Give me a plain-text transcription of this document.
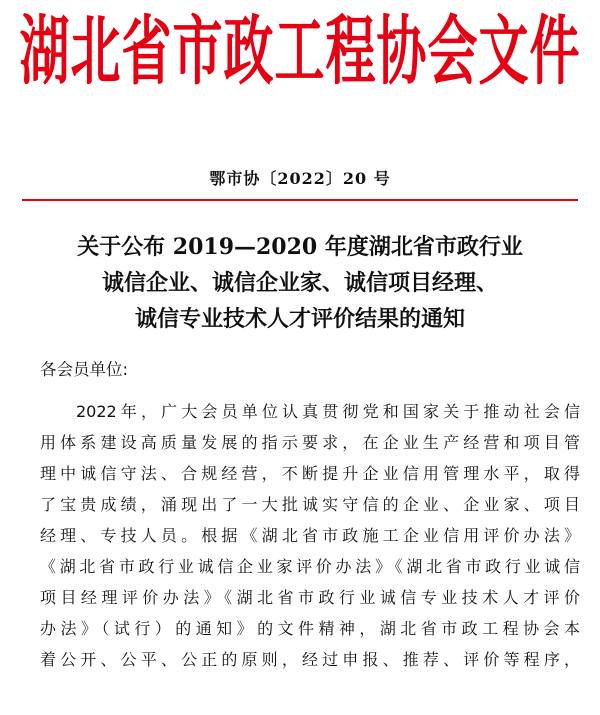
湖北省市政工程协会文件
鄂市协〔2022〕20 号
关于公布 2019—2020 年度湖北省市政行业
诚信企业、诚信企业家、诚信项目经理、
诚信专业技术人才评价结果的通知
各会员单位:
2022年，广大会员单位认真贯彻党和国家关于推动社会信
用体系建设高质量发展的指示要求，在企业生产经营和项目管
理中诚信守法、合规经营，不断提升企业信用管理水平，取得
了宝贵成绩，涌现出了一大批诚实守信的企业、企业家、项目
经理、专技人员。根据《湖北省市政施工企业信用评价办法》
《湖北省市政行业诚信企业家评价办法》《湖北省市政行业诚信
项目经理评价办法》《湖北省市政行业诚信专业技术人才评价
办法》（试行）的通知》的文件精神，湖北省市政工程协会本
着公开、公平、公正的原则，经过申报、推荐、评价等程序，
